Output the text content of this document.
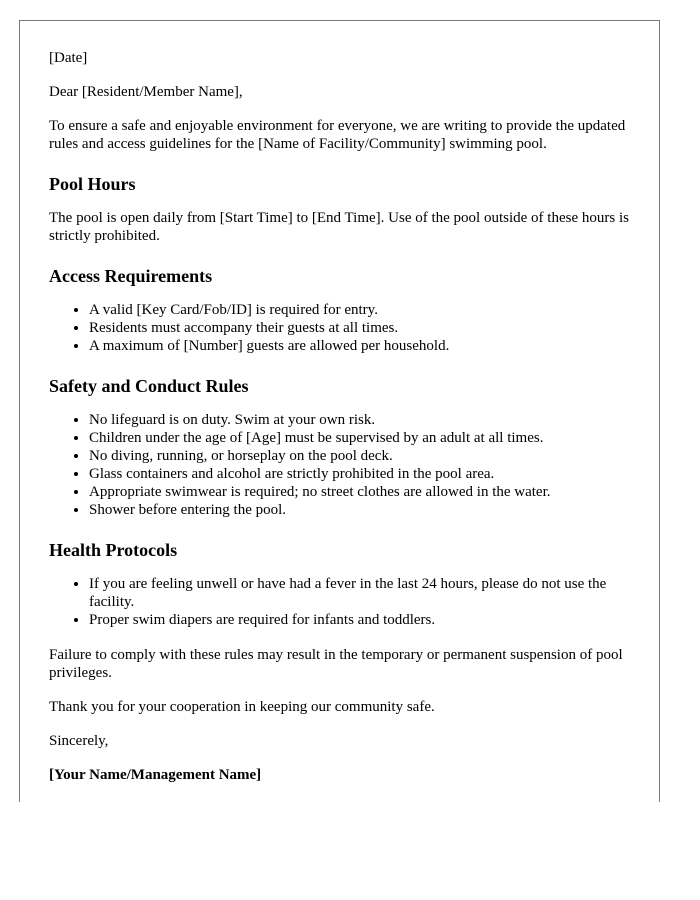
[Date]

Dear [Resident/Member Name],

To ensure a safe and enjoyable environment for everyone, we are writing to provide the updated rules and access guidelines for the [Name of Facility/Community] swimming pool.

Pool Hours

The pool is open daily from [Start Time] to [End Time]. Use of the pool outside of these hours is strictly prohibited.

Access Requirements
• A valid [Key Card/Fob/ID] is required for entry.
• Residents must accompany their guests at all times.
• A maximum of [Number] guests are allowed per household.
Safety and Conduct Rules
• No lifeguard is on duty. Swim at your own risk.
• Children under the age of [Age] must be supervised by an adult at all times.
• No diving, running, or horseplay on the pool deck.
• Glass containers and alcohol are strictly prohibited in the pool area.
• Appropriate swimwear is required; no street clothes are allowed in the water.
• Shower before entering the pool.
Health Protocols
• If you are feeling unwell or have had a fever in the last 24 hours, please do not use the facility.
• Proper swim diapers are required for infants and toddlers.

Failure to comply with these rules may result in the temporary or permanent suspension of pool privileges.

Thank you for your cooperation in keeping our community safe.

Sincerely,

[Your Name/Management Name]
